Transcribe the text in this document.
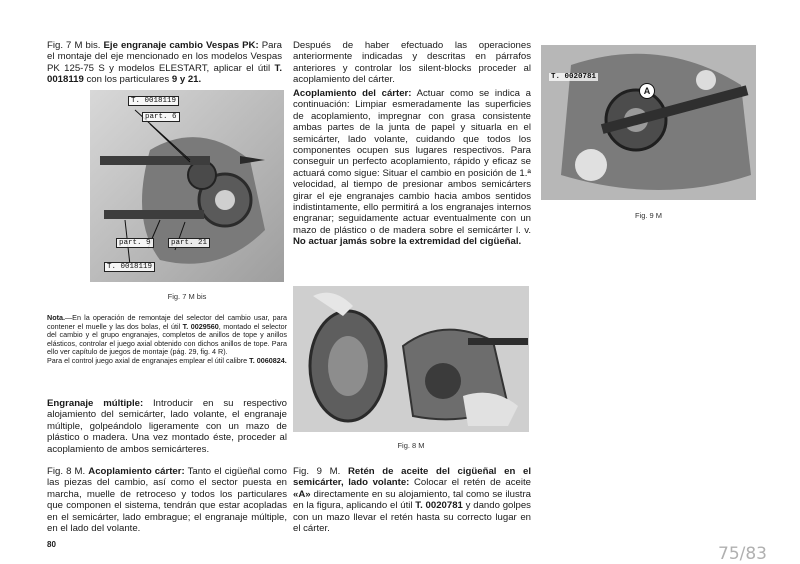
Fig. 7 M bis. Eje engranaje cambio Vespas PK: Para el montaje del eje mencionado en los modelos Vespas PK 125-75 S y modelos ELESTART, aplicar el útil T. 0018119 con los particulares 9 y 21.
T. 0018119
part. 6
part. 9	part. 21
T. 0018119
Fig. 7 M bis
Nota.—En la operación de remontaje del selector del cambio usar, para contener el muelle y las dos bolas, el útil T. 0029560, montado el selector del cambio y el grupo engranajes, completos de anillos de tope y anillos elásticos, controlar el juego axial obtenido con dichos anillos de tope. Para ello ver capítulo de juegos de montaje (pág. 29, fig. 4 R).
Para el control juego axial de engranajes emplear el útil calibre T. 0060824.
Engranaje múltiple: Introducir en su respectivo alojamiento del semicárter, lado volante, el engranaje múltiple, golpeándolo ligeramente con un mazo de plástico o madera. Una vez montado éste, proceder al acoplamiento de ambos semicárteres.
Fig. 8 M. Acoplamiento cárter: Tanto el cigüeñal como las piezas del cambio, así como el sector puesta en marcha, muelle de retroceso y todos los particulares que componen el sistema, tendrán que estar acopladas en el semicárter, lado embrague; el engranaje múltiple, en el lado del volante.
80
Después de haber efectuado las operaciones anteriormente indicadas y descritas en párrafos anteriores y controlar los silent-blocks proceder al acoplamiento del cárter.
Acoplamiento del cárter: Actuar como se indica a continuación: Limpiar esmeradamente las superficies de acoplamiento, impregnar con grasa consistente ambas partes de la junta de papel y situarla en el semicárter, lado volante, cuidando que todos los componentes ocupen sus lugares respectivos. Para conseguir un perfecto acoplamiento, rápido y eficaz se actuará como sigue: Situar el cambio en posición de 1.ª velocidad, al tiempo de presionar ambos semicárters girar el eje engranajes cambio hacia ambos sentidos indistintamente, ello permitirá a los engranajes internos engranar; seguidamente actuar eventualmente con un mazo de plástico o de madera sobre el semicárter l. v. No actuar jamás sobre la extremidad del cigüeñal.
Fig. 8 M
Fig. 9 M. Retén de aceite del cigüeñal en el semicárter, lado volante: Colocar el retén de aceite «A» directamente en su alojamiento, tal como se ilustra en la figura, aplicando el útil T. 0020781 y dando golpes con un mazo llevar el retén hasta su correcto lugar en el cárter.
T. 0020781
A
Fig. 9 M
75/83
